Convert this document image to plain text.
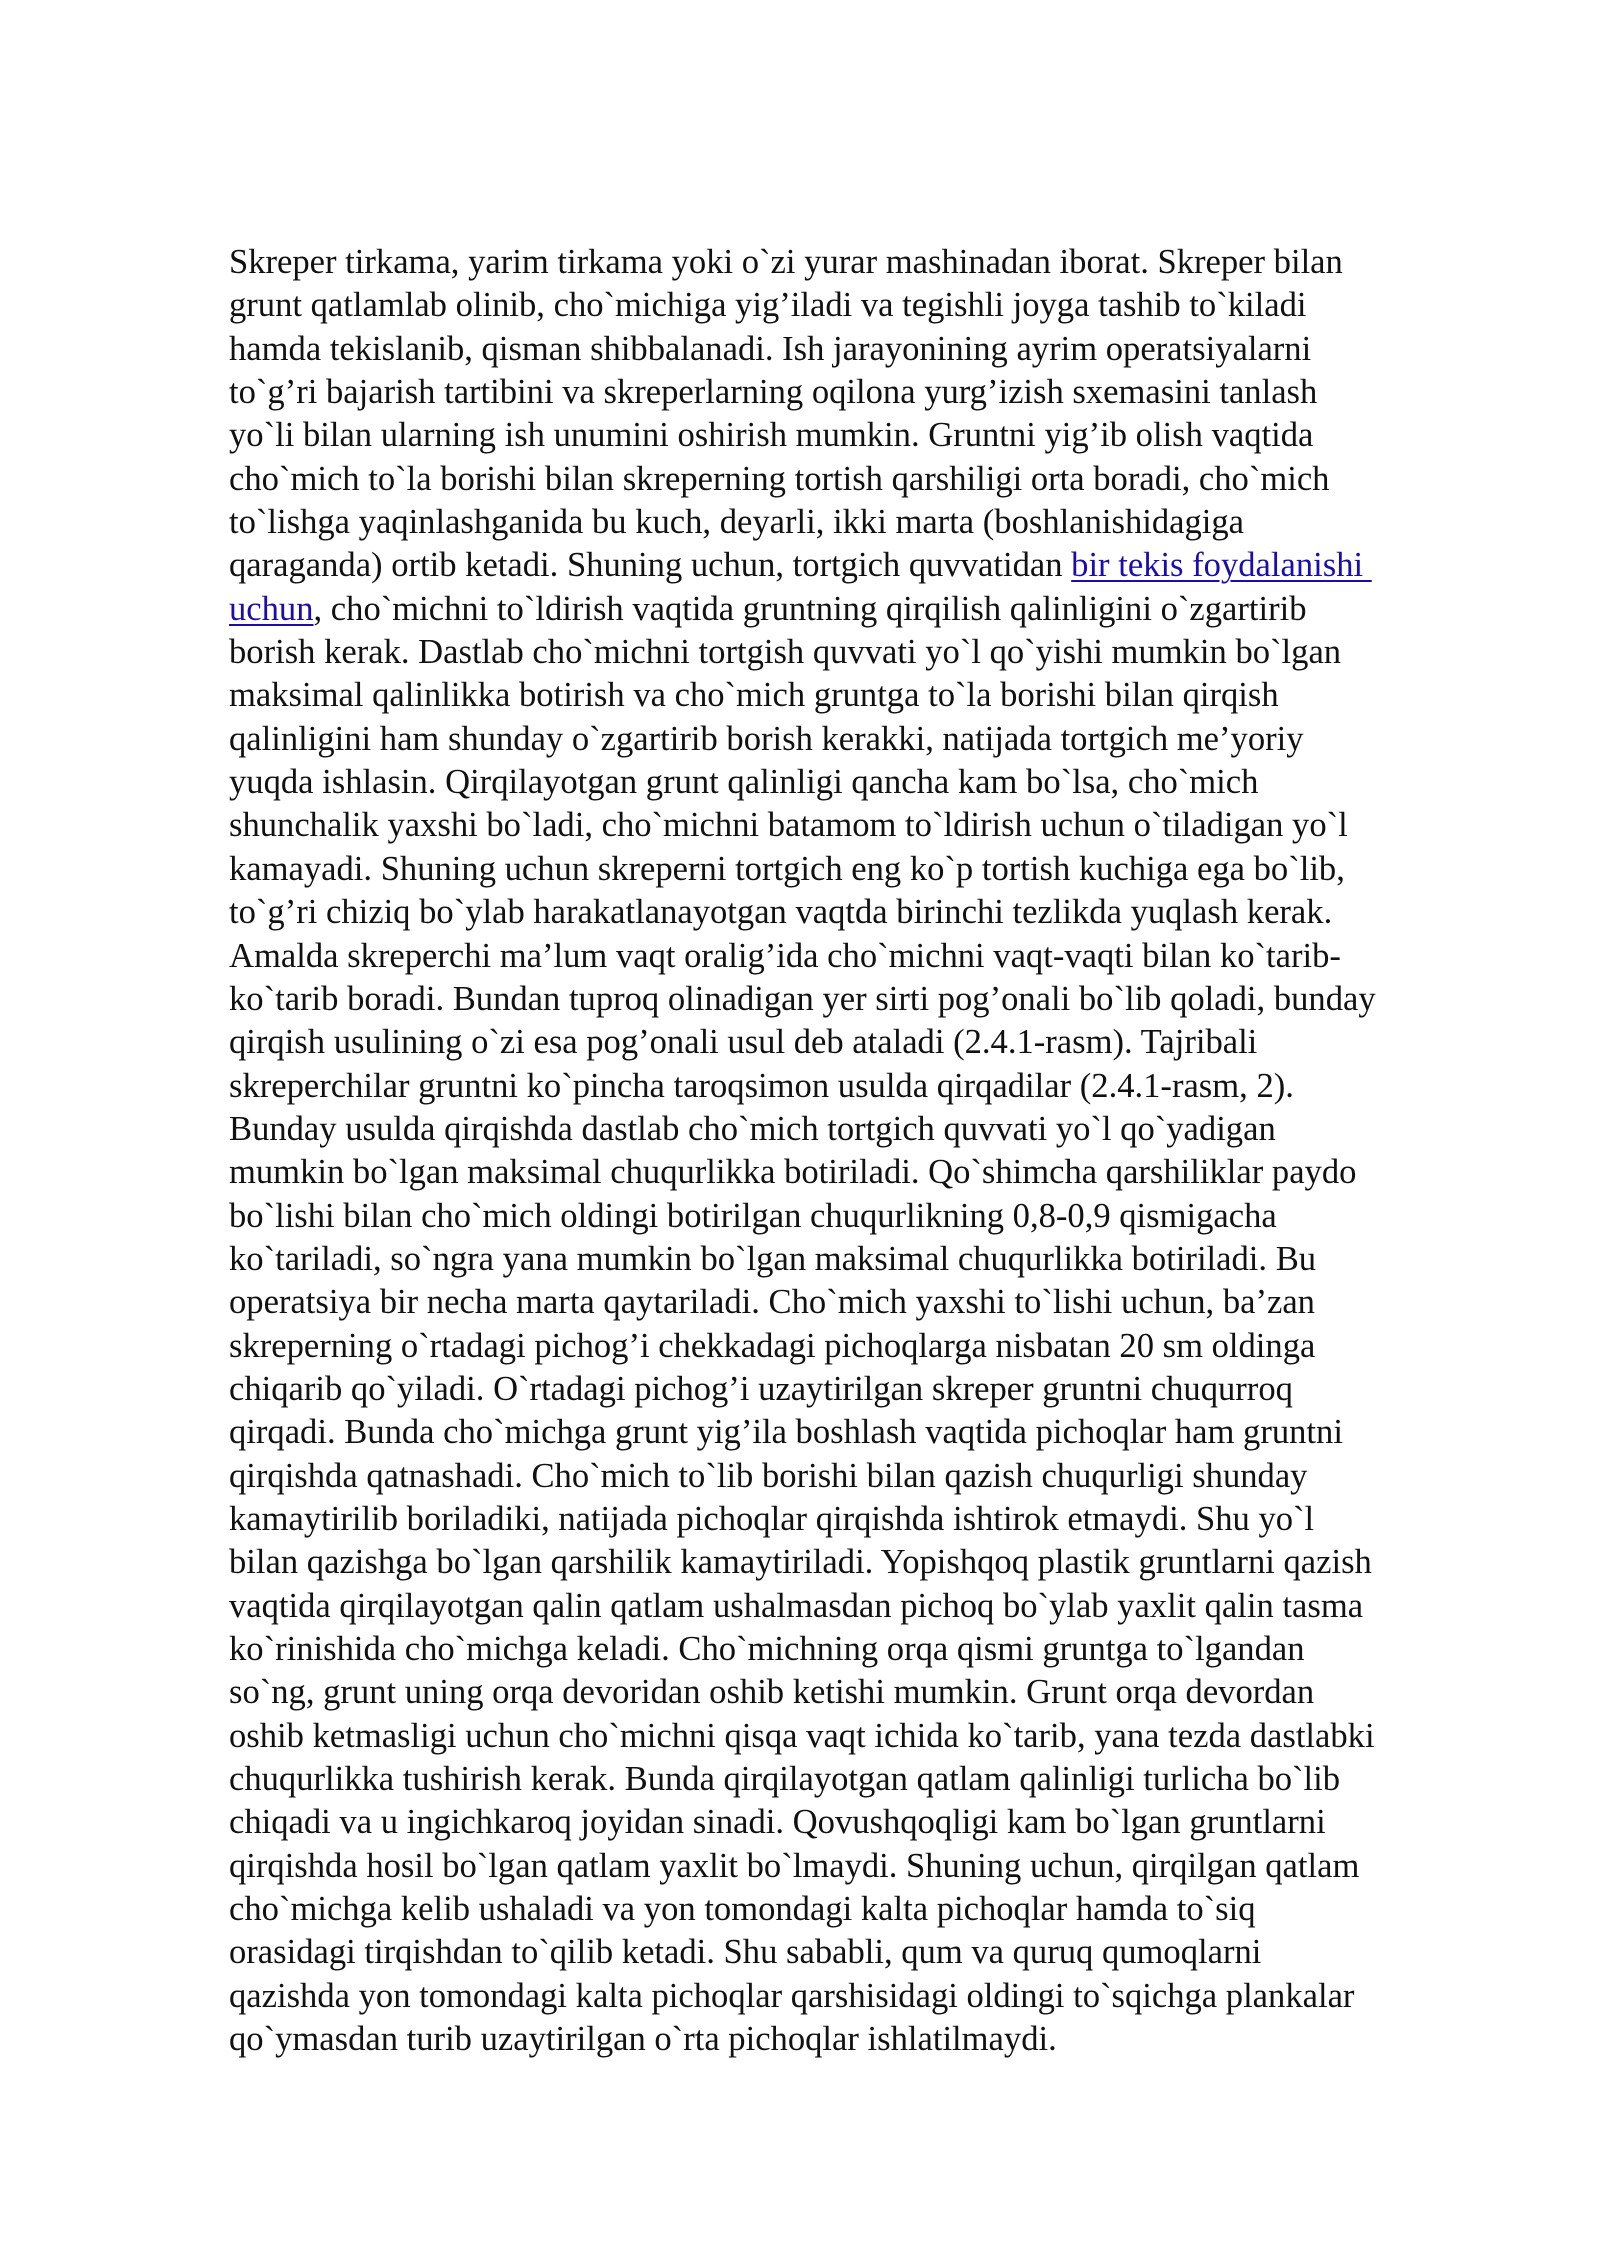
Skreper tirkama, yarim tirkama yoki o`zi yurar mashinadan iborat. Skreper bilan
grunt qatlamlab olinib, cho`michiga yig’iladi va tegishli joyga tashib to`kiladi
hamda tekislanib, qisman shibbalanadi. Ish jarayonining ayrim operatsiyalarni
to`g’ri bajarish tartibini va skreperlarning oqilona yurg’izish sxemasini tanlash
yo`li bilan ularning ish unumini oshirish mumkin. Gruntni yig’ib olish vaqtida
cho`mich to`la borishi bilan skreperning tortish qarshiligi orta boradi, cho`mich
to`lishga yaqinlashganida bu kuch, deyarli, ikki marta (boshlanishidagiga
qaraganda) ortib ketadi. Shuning uchun, tortgich quvvatidan bir tekis foydalanishi
uchun, cho`michni to`ldirish vaqtida gruntning qirqilish qalinligini o`zgartirib
borish kerak. Dastlab cho`michni tortgish quvvati yo`l qo`yishi mumkin bo`lgan
maksimal qalinlikka botirish va cho`mich gruntga to`la borishi bilan qirqish
qalinligini ham shunday o`zgartirib borish kerakki, natijada tortgich me’yoriy
yuqda ishlasin. Qirqilayotgan grunt qalinligi qancha kam bo`lsa, cho`mich
shunchalik yaxshi bo`ladi, cho`michni batamom to`ldirish uchun o`tiladigan yo`l
kamayadi. Shuning uchun skreperni tortgich eng ko`p tortish kuchiga ega bo`lib,
to`g’ri chiziq bo`ylab harakatlanayotgan vaqtda birinchi tezlikda yuqlash kerak.
Amalda skreperchi ma’lum vaqt oralig’ida cho`michni vaqt-vaqti bilan ko`tarib-
ko`tarib boradi. Bundan tuproq olinadigan yer sirti pog’onali bo`lib qoladi, bunday
qirqish usulining o`zi esa pog’onali usul deb ataladi (2.4.1-rasm). Tajribali
skreperchilar gruntni ko`pincha taroqsimon usulda qirqadilar (2.4.1-rasm, 2).
Bunday usulda qirqishda dastlab cho`mich tortgich quvvati yo`l qo`yadigan
mumkin bo`lgan maksimal chuqurlikka botiriladi. Qo`shimcha qarshiliklar paydo
bo`lishi bilan cho`mich oldingi botirilgan chuqurlikning 0,8-0,9 qismigacha
ko`tariladi, so`ngra yana mumkin bo`lgan maksimal chuqurlikka botiriladi. Bu
operatsiya bir necha marta qaytariladi. Cho`mich yaxshi to`lishi uchun, ba’zan
skreperning o`rtadagi pichog’i chekkadagi pichoqlarga nisbatan 20 sm oldinga
chiqarib qo`yiladi. O`rtadagi pichog’i uzaytirilgan skreper gruntni chuqurroq
qirqadi. Bunda cho`michga grunt yig’ila boshlash vaqtida pichoqlar ham gruntni
qirqishda qatnashadi. Cho`mich to`lib borishi bilan qazish chuqurligi shunday
kamaytirilib boriladiki, natijada pichoqlar qirqishda ishtirok etmaydi. Shu yo`l
bilan qazishga bo`lgan qarshilik kamaytiriladi. Yopishqoq plastik gruntlarni qazish
vaqtida qirqilayotgan qalin qatlam ushalmasdan pichoq bo`ylab yaxlit qalin tasma
ko`rinishida cho`michga keladi. Cho`michning orqa qismi gruntga to`lgandan
so`ng, grunt uning orqa devoridan oshib ketishi mumkin. Grunt orqa devordan
oshib ketmasligi uchun cho`michni qisqa vaqt ichida ko`tarib, yana tezda dastlabki
chuqurlikka tushirish kerak. Bunda qirqilayotgan qatlam qalinligi turlicha bo`lib
chiqadi va u ingichkaroq joyidan sinadi. Qovushqoqligi kam bo`lgan gruntlarni
qirqishda hosil bo`lgan qatlam yaxlit bo`lmaydi. Shuning uchun, qirqilgan qatlam
cho`michga kelib ushaladi va yon tomondagi kalta pichoqlar hamda to`siq
orasidagi tirqishdan to`qilib ketadi. Shu sababli, qum va quruq qumoqlarni
qazishda yon tomondagi kalta pichoqlar qarshisidagi oldingi to`sqichga plankalar
qo`ymasdan turib uzaytirilgan o`rta pichoqlar ishlatilmaydi.
